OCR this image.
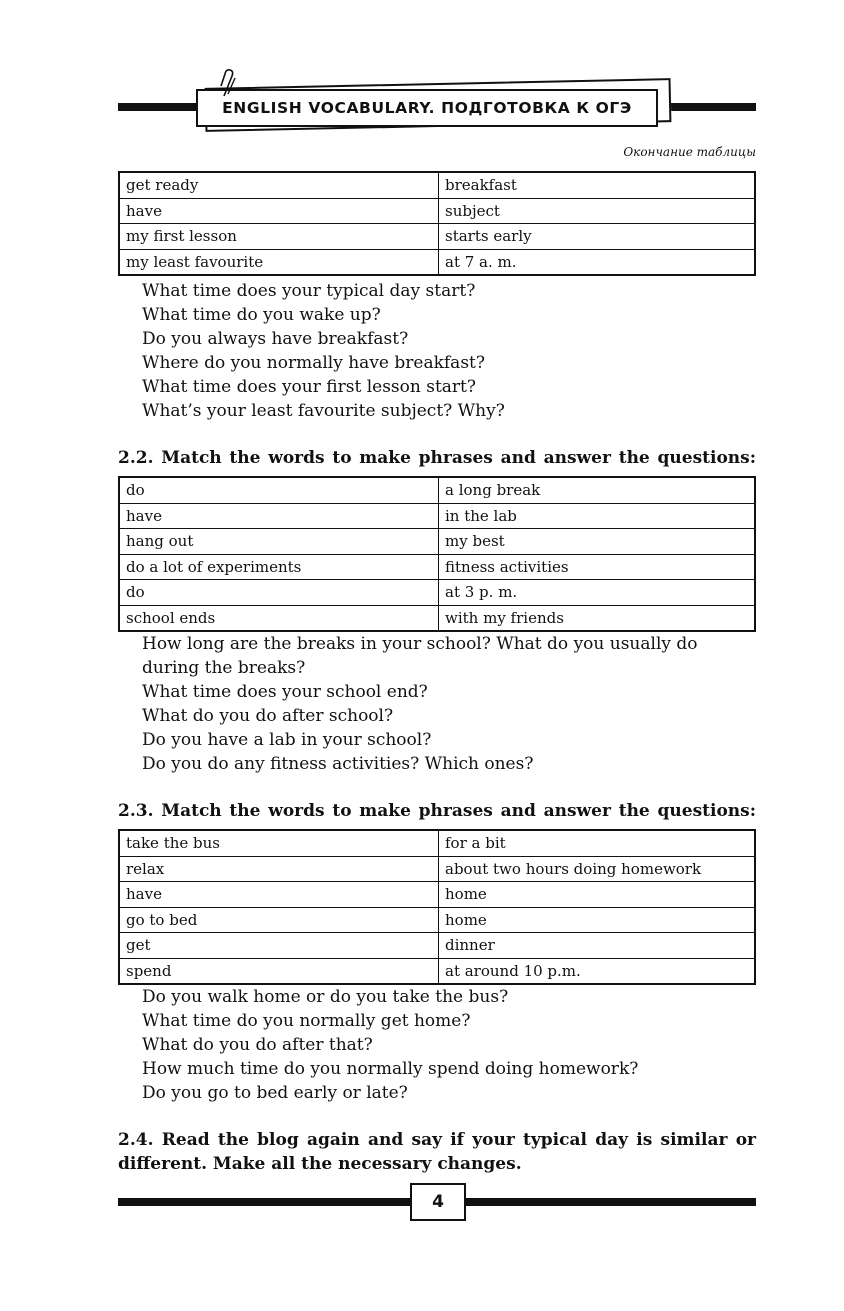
ENGLISH VOCABULARY. ПОДГОТОВКА К ОГЭ
Окончание таблицы
get ready	breakfast
have	subject
my first lesson	starts early
my least favourite	at 7 a. m.
What time does your typical day start?
What time do you wake up?
Do you always have breakfast?
Where do you normally have breakfast?
What time does your first lesson start?
What’s your least favourite subject? Why?
2.2. Match the words to make phrases and answer the questions:
do	a long break
have	in the lab
hang out	my best
do a lot of experiments	fitness activities
do	at 3 p. m.
school ends	with my friends
How long are the breaks in your school? What do you usually do during the breaks?
What time does your school end?
What do you do after school?
Do you have a lab in your school?
Do you do any fitness activities? Which ones?
2.3. Match the words to make phrases and answer the questions:
take the bus	for a bit
relax	about two hours doing homework
have	home
go to bed	home
get	dinner
spend	at around 10 p.m.
Do you walk home or do you take the bus?
What time do you normally get home?
What do you do after that?
How much time do you normally spend doing homework?
Do you go to bed early or late?
2.4. Read the blog again and say if your typical day is similar or different. Make all the necessary changes.
4
